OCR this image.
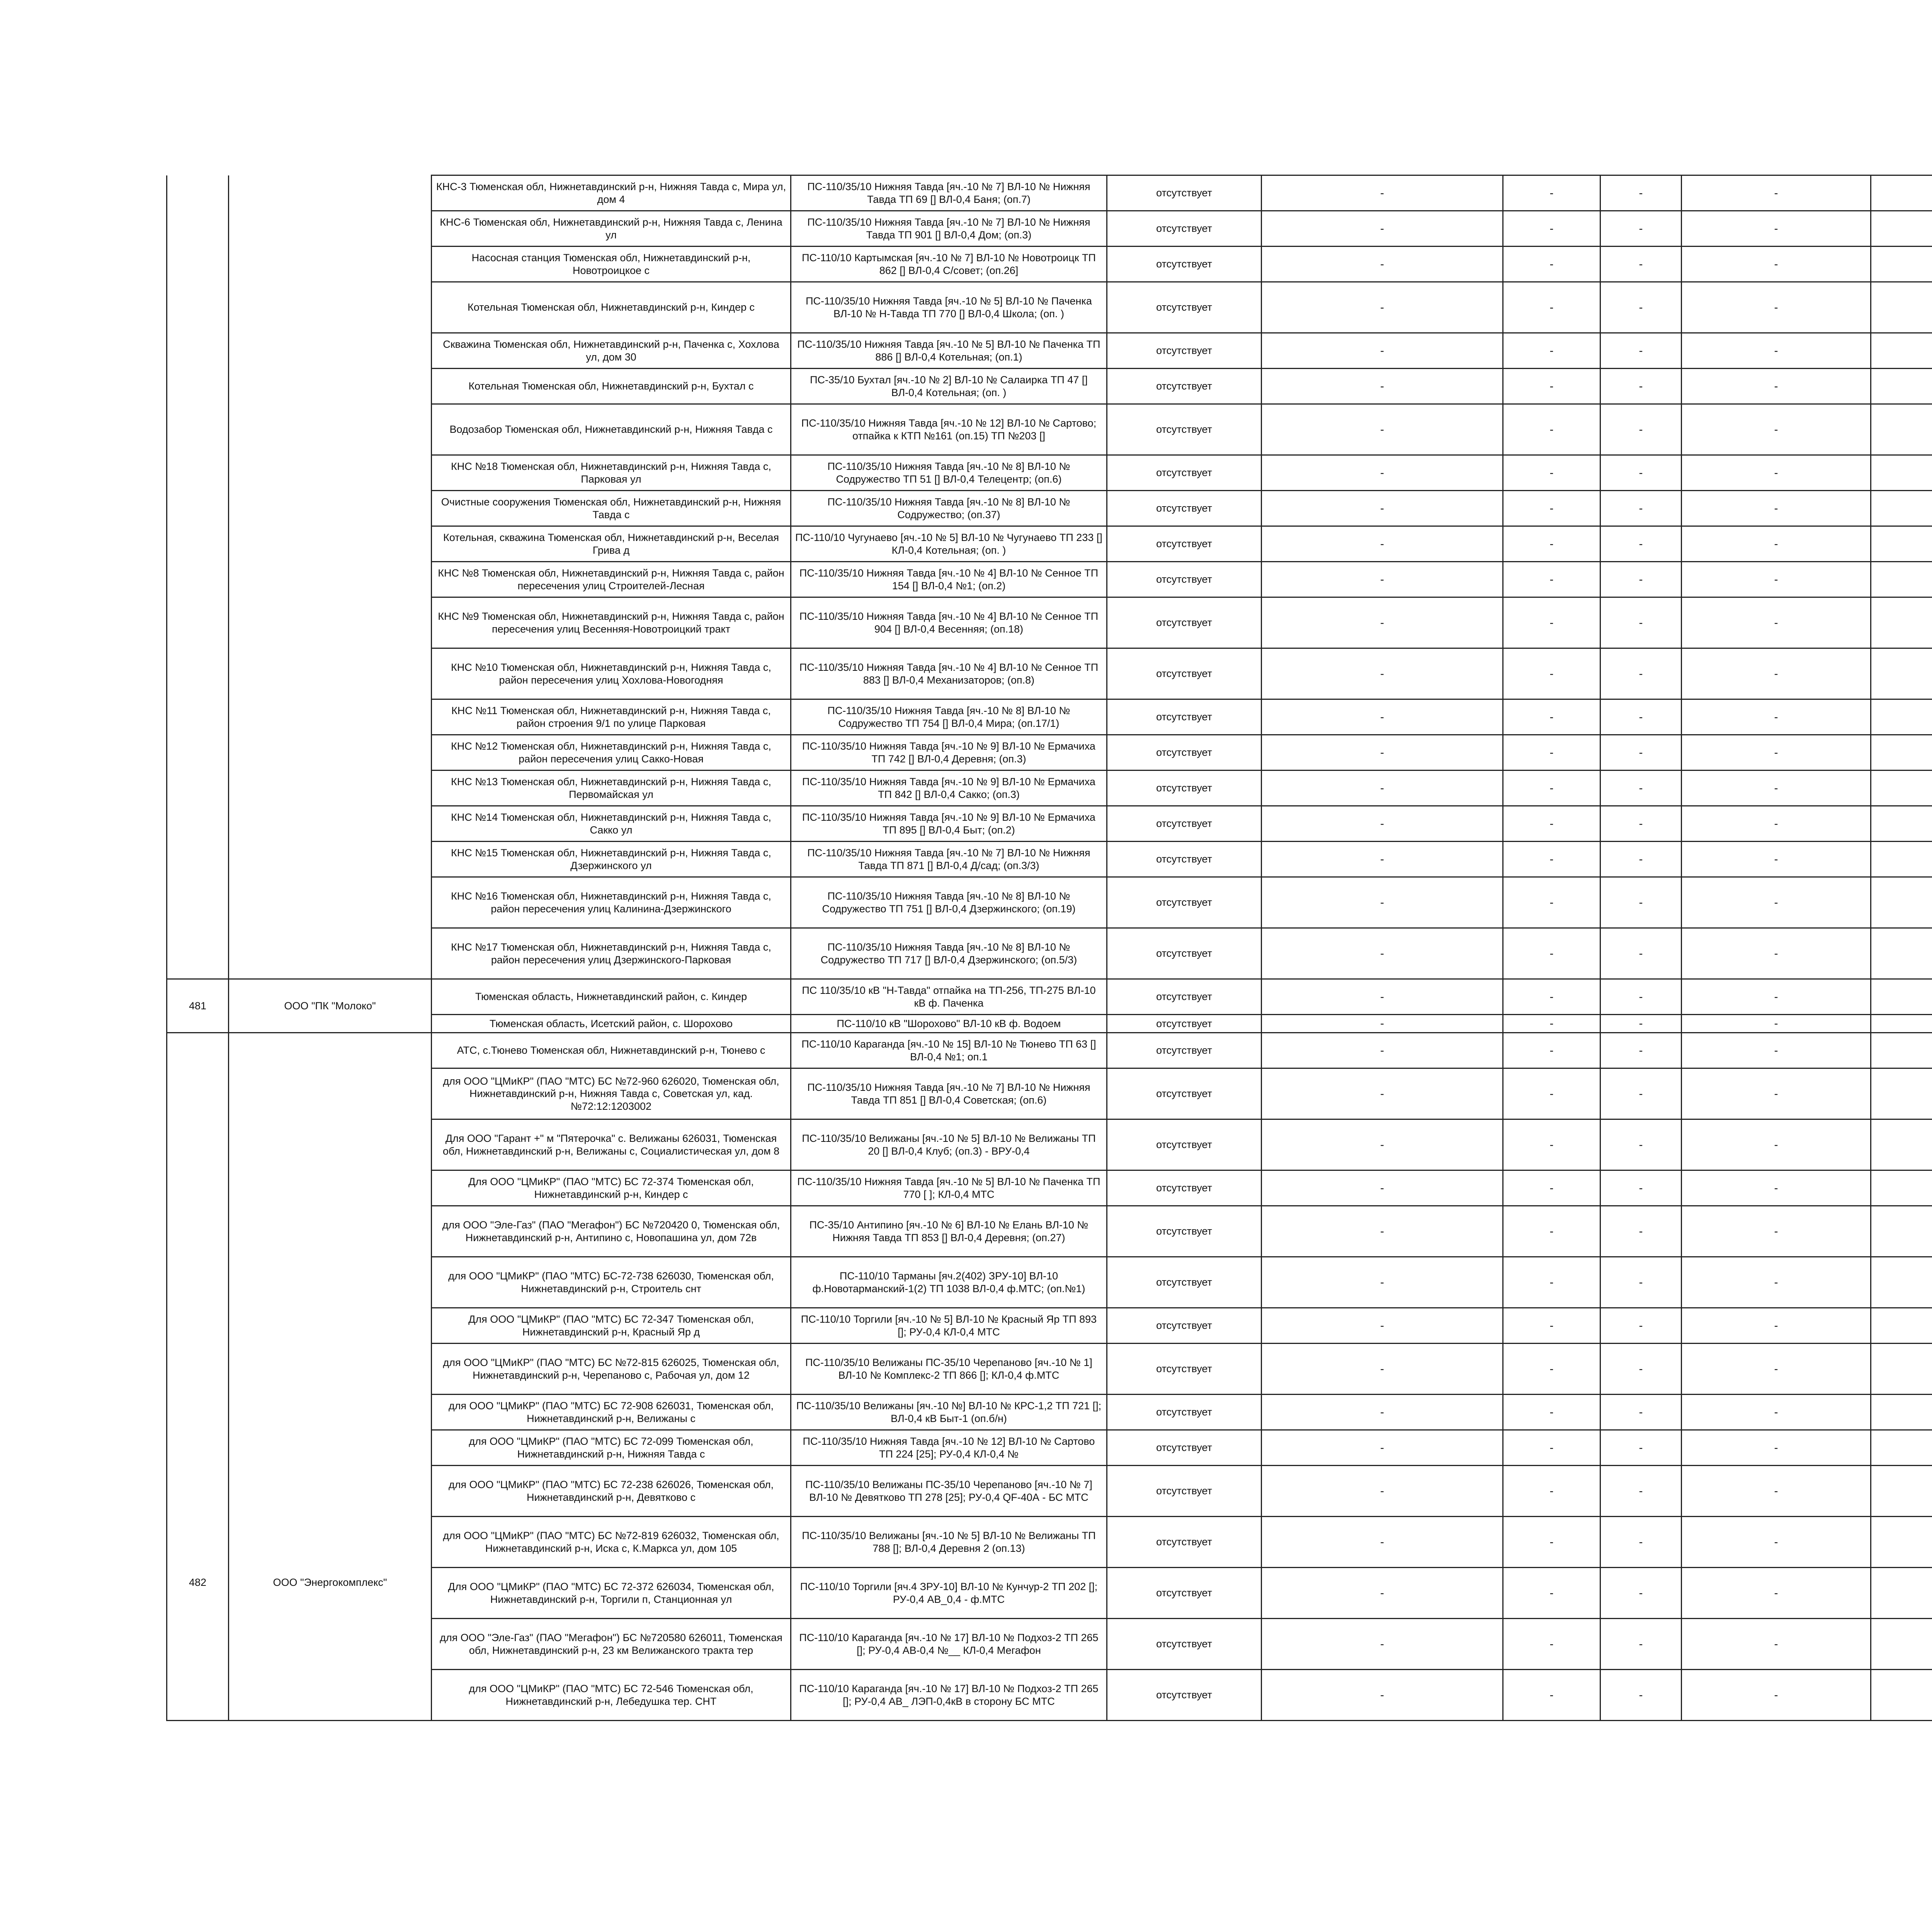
		КНС-3 Тюменская обл, Нижнетавдинский р-н, Нижняя Тавда с, Мира ул, дом 4	ПС-110/35/10 Нижняя Тавда [яч.-10 № 7] ВЛ-10 № Нижняя Тавда ТП 69 [] ВЛ-0,4 Баня; (оп.7)	отсутствует	-	-	-	-		
		КНС-6 Тюменская обл, Нижнетавдинский р-н, Нижняя Тавда с, Ленина ул	ПС-110/35/10 Нижняя Тавда [яч.-10 № 7] ВЛ-10 № Нижняя Тавда ТП 901 [] ВЛ-0,4 Дом; (оп.3)	отсутствует	-	-	-	-		
		Насосная станция Тюменская обл, Нижнетавдинский р-н, Новотроицкое с	ПС-110/10 Картымская [яч.-10 № 7] ВЛ-10 № Новотроицк ТП 862 [] ВЛ-0,4 С/совет; (оп.26]	отсутствует	-	-	-	-		
		Котельная Тюменская обл, Нижнетавдинский р-н, Киндер с	ПС-110/35/10 Нижняя Тавда [яч.-10 № 5] ВЛ-10 № Паченка ВЛ-10 № Н-Тавда ТП 770 [] ВЛ-0,4 Школа; (оп. )	отсутствует	-	-	-	-		
		Скважина Тюменская обл, Нижнетавдинский р-н, Паченка с, Хохлова ул, дом 30	ПС-110/35/10 Нижняя Тавда [яч.-10 № 5] ВЛ-10 № Паченка ТП 886 [] ВЛ-0,4 Котельная; (оп.1)	отсутствует	-	-	-	-		
		Котельная Тюменская обл, Нижнетавдинский р-н, Бухтал с	ПС-35/10 Бухтал [яч.-10 № 2] ВЛ-10 № Салаирка ТП 47 [] ВЛ-0,4 Котельная; (оп. )	отсутствует	-	-	-	-		
		Водозабор Тюменская обл, Нижнетавдинский р-н, Нижняя Тавда с	ПС-110/35/10 Нижняя Тавда [яч.-10 № 12] ВЛ-10 № Сартово; отпайка к КТП №161 (оп.15) ТП №203 []	отсутствует	-	-	-	-		
		КНС №18 Тюменская обл, Нижнетавдинский р-н, Нижняя Тавда с, Парковая ул	ПС-110/35/10 Нижняя Тавда [яч.-10 № 8] ВЛ-10 № Содружество ТП 51 [] ВЛ-0,4 Телецентр; (оп.6)	отсутствует	-	-	-	-		
		Очистные сооружения Тюменская обл, Нижнетавдинский р-н, Нижняя Тавда с	ПС-110/35/10 Нижняя Тавда [яч.-10 № 8] ВЛ-10 № Содружество; (оп.37)	отсутствует	-	-	-	-		
		Котельная, скважина Тюменская обл, Нижнетавдинский р-н, Веселая Грива д	ПС-110/10 Чугунаево [яч.-10 № 5] ВЛ-10 № Чугунаево ТП 233 [] КЛ-0,4 Котельная; (оп. )	отсутствует	-	-	-	-		
		КНС №8 Тюменская обл, Нижнетавдинский р-н, Нижняя Тавда с, район пересечения улиц Строителей-Лесная	ПС-110/35/10 Нижняя Тавда [яч.-10 № 4] ВЛ-10 № Сенное ТП 154 [] ВЛ-0,4 №1; (оп.2)	отсутствует	-	-	-	-		
		КНС №9 Тюменская обл, Нижнетавдинский р-н, Нижняя Тавда с, район пересечения улиц Весенняя-Новотроицкий тракт	ПС-110/35/10 Нижняя Тавда [яч.-10 № 4] ВЛ-10 № Сенное ТП 904 [] ВЛ-0,4 Весенняя; (оп.18)	отсутствует	-	-	-	-		
		КНС №10 Тюменская обл, Нижнетавдинский р-н, Нижняя Тавда с, район пересечения улиц Хохлова-Новогодняя	ПС-110/35/10 Нижняя Тавда [яч.-10 № 4] ВЛ-10 № Сенное ТП 883 [] ВЛ-0,4 Механизаторов; (оп.8)	отсутствует	-	-	-	-		
		КНС №11 Тюменская обл, Нижнетавдинский р-н, Нижняя Тавда с, район строения 9/1 по улице Парковая	ПС-110/35/10 Нижняя Тавда [яч.-10 № 8] ВЛ-10 № Содружество ТП 754 [] ВЛ-0,4 Мира; (оп.17/1)	отсутствует	-	-	-	-		
		КНС №12 Тюменская обл, Нижнетавдинский р-н, Нижняя Тавда с, район пересечения улиц Сакко-Новая	ПС-110/35/10 Нижняя Тавда [яч.-10 № 9] ВЛ-10 № Ермачиха ТП 742 [] ВЛ-0,4 Деревня; (оп.3)	отсутствует	-	-	-	-		
		КНС №13 Тюменская обл, Нижнетавдинский р-н, Нижняя Тавда с, Первомайская ул	ПС-110/35/10 Нижняя Тавда [яч.-10 № 9] ВЛ-10 № Ермачиха ТП 842 [] ВЛ-0,4 Сакко; (оп.3)	отсутствует	-	-	-	-		
		КНС №14 Тюменская обл, Нижнетавдинский р-н, Нижняя Тавда с, Сакко ул	ПС-110/35/10 Нижняя Тавда [яч.-10 № 9] ВЛ-10 № Ермачиха ТП 895 [] ВЛ-0,4 Быт; (оп.2)	отсутствует	-	-	-	-		
		КНС №15 Тюменская обл, Нижнетавдинский р-н, Нижняя Тавда с, Дзержинского ул	ПС-110/35/10 Нижняя Тавда [яч.-10 № 7] ВЛ-10 № Нижняя Тавда ТП 871 [] ВЛ-0,4 Д/сад; (оп.3/3)	отсутствует	-	-	-	-		
		КНС №16 Тюменская обл, Нижнетавдинский р-н, Нижняя Тавда с, район пересечения улиц Калинина-Дзержинского	ПС-110/35/10 Нижняя Тавда [яч.-10 № 8] ВЛ-10 № Содружество ТП 751 [] ВЛ-0,4 Дзержинского; (оп.19)	отсутствует	-	-	-	-		
		КНС №17 Тюменская обл, Нижнетавдинский р-н, Нижняя Тавда с, район пересечения улиц Дзержинского-Парковая	ПС-110/35/10 Нижняя Тавда [яч.-10 № 8] ВЛ-10 № Содружество ТП 717 [] ВЛ-0,4 Дзержинского; (оп.5/3)	отсутствует	-	-	-	-		
481	ООО "ПК "Молоко"	Тюменская область, Нижнетавдинский район, с. Киндер	ПС 110/35/10 кВ "Н-Тавда" отпайка на ТП-256, ТП-275 ВЛ-10 кВ ф. Паченка	отсутствует	-	-	-	-		
		Тюменская область, Исетский район, с. Шорохово	ПС-110/10 кВ "Шорохово" ВЛ-10 кВ ф. Водоем	отсутствует	-	-	-	-		
482	ООО "Энергокомплекс"	АТС, с.Тюнево Тюменская обл, Нижнетавдинский р-н, Тюнево с	ПС-110/10 Караганда [яч.-10 № 15] ВЛ-10 № Тюнево ТП 63 [] ВЛ-0,4 №1; оп.1	отсутствует	-	-	-	-		
		для ООО "ЦМиКР" (ПАО "МТС) БС №72-960 626020, Тюменская обл, Нижнетавдинский р-н, Нижняя Тавда с, Советская ул, кад.№72:12:1203002	ПС-110/35/10 Нижняя Тавда [яч.-10 № 7] ВЛ-10 № Нижняя Тавда ТП 851 [] ВЛ-0,4 Советская; (оп.6)	отсутствует	-	-	-	-		
		Для ООО "Гарант +" м "Пятерочка" с. Велижаны 626031, Тюменская обл, Нижнетавдинский р-н, Велижаны с, Социалистическая ул, дом 8	ПС-110/35/10 Велижаны [яч.-10 № 5] ВЛ-10 № Велижаны ТП 20 [] ВЛ-0,4 Клуб; (оп.3) - ВРУ-0,4	отсутствует	-	-	-	-		
		Для ООО "ЦМиКР" (ПАО "МТС) БС 72-374 Тюменская обл, Нижнетавдинский р-н, Киндер с	ПС-110/35/10 Нижняя Тавда [яч.-10 № 5] ВЛ-10 № Паченка ТП 770 [ ]; КЛ-0,4 МТС	отсутствует	-	-	-	-		
		для ООО "Эле-Газ" (ПАО "Мегафон") БС №720420 0, Тюменская обл, Нижнетавдинский р-н, Антипино с, Новопашина ул, дом 72в	ПС-35/10 Антипино [яч.-10 № 6] ВЛ-10 № Елань ВЛ-10 № Нижняя Тавда ТП 853 [] ВЛ-0,4 Деревня; (оп.27)	отсутствует	-	-	-	-		
		для ООО "ЦМиКР" (ПАО "МТС) БС-72-738 626030, Тюменская обл, Нижнетавдинский р-н, Строитель снт	ПС-110/10 Тарманы [яч.2(402) ЗРУ-10] ВЛ-10 ф.Новотарманский-1(2) ТП 1038 ВЛ-0,4 ф.МТС; (оп.№1)	отсутствует	-	-	-	-		
		Для ООО "ЦМиКР" (ПАО "МТС) БС 72-347 Тюменская обл, Нижнетавдинский р-н, Красный Яр д	ПС-110/10 Торгили [яч.-10 № 5] ВЛ-10 № Красный Яр ТП 893 []; РУ-0,4 КЛ-0,4 МТС	отсутствует	-	-	-	-		
		для ООО "ЦМиКР" (ПАО "МТС) БС №72-815 626025, Тюменская обл, Нижнетавдинский р-н, Черепаново с, Рабочая ул, дом 12	ПС-110/35/10 Велижаны ПС-35/10 Черепаново [яч.-10 № 1] ВЛ-10 № Комплекс-2 ТП 866 []; КЛ-0,4 ф.МТС	отсутствует	-	-	-	-		
		для ООО "ЦМиКР" (ПАО "МТС) БС 72-908 626031, Тюменская обл, Нижнетавдинский р-н, Велижаны с	ПС-110/35/10 Велижаны [яч.-10 №] ВЛ-10 № КРС-1,2 ТП 721 []; ВЛ-0,4 кВ Быт-1 (оп.б/н)	отсутствует	-	-	-	-		
		для ООО "ЦМиКР" (ПАО "МТС) БС 72-099 Тюменская обл, Нижнетавдинский р-н, Нижняя Тавда с	ПС-110/35/10 Нижняя Тавда [яч.-10 № 12] ВЛ-10 № Сартово ТП 224 [25]; РУ-0,4 КЛ-0,4 №	отсутствует	-	-	-	-		
		для ООО "ЦМиКР" (ПАО "МТС) БС 72-238 626026, Тюменская обл, Нижнетавдинский р-н, Девятково с	ПС-110/35/10 Велижаны ПС-35/10 Черепаново [яч.-10 № 7] ВЛ-10 № Девятково ТП 278 [25]; РУ-0,4 QF-40А - БС МТС	отсутствует	-	-	-	-		
		для ООО "ЦМиКР" (ПАО "МТС) БС №72-819 626032, Тюменская обл, Нижнетавдинский р-н, Иска с, К.Маркса ул, дом 105	ПС-110/35/10 Велижаны [яч.-10 № 5] ВЛ-10 № Велижаны ТП 788 []; ВЛ-0,4 Деревня 2 (оп.13)	отсутствует	-	-	-	-		
		Для ООО "ЦМиКР" (ПАО "МТС) БС 72-372 626034, Тюменская обл, Нижнетавдинский р-н, Торгили п, Станционная ул	ПС-110/10 Торгили [яч.4 ЗРУ-10] ВЛ-10 № Кунчур-2 ТП 202 []; РУ-0,4 АВ_0,4 - ф.МТС	отсутствует	-	-	-	-		
		для ООО "Эле-Газ" (ПАО "Мегафон") БС №720580 626011, Тюменская обл, Нижнетавдинский р-н, 23 км Велижанского тракта тер	ПС-110/10 Караганда [яч.-10 № 17] ВЛ-10 № Подхоз-2 ТП 265 []; РУ-0,4 АВ-0,4 №__ КЛ-0,4 Мегафон	отсутствует	-	-	-	-		
		для ООО "ЦМиКР" (ПАО "МТС) БС 72-546 Тюменская обл, Нижнетавдинский р-н, Лебедушка тер. СНТ	ПС-110/10 Караганда [яч.-10 № 17] ВЛ-10 № Подхоз-2 ТП 265 []; РУ-0,4 АВ_ ЛЭП-0,4кВ в сторону БС МТС	отсутствует	-	-	-	-		
